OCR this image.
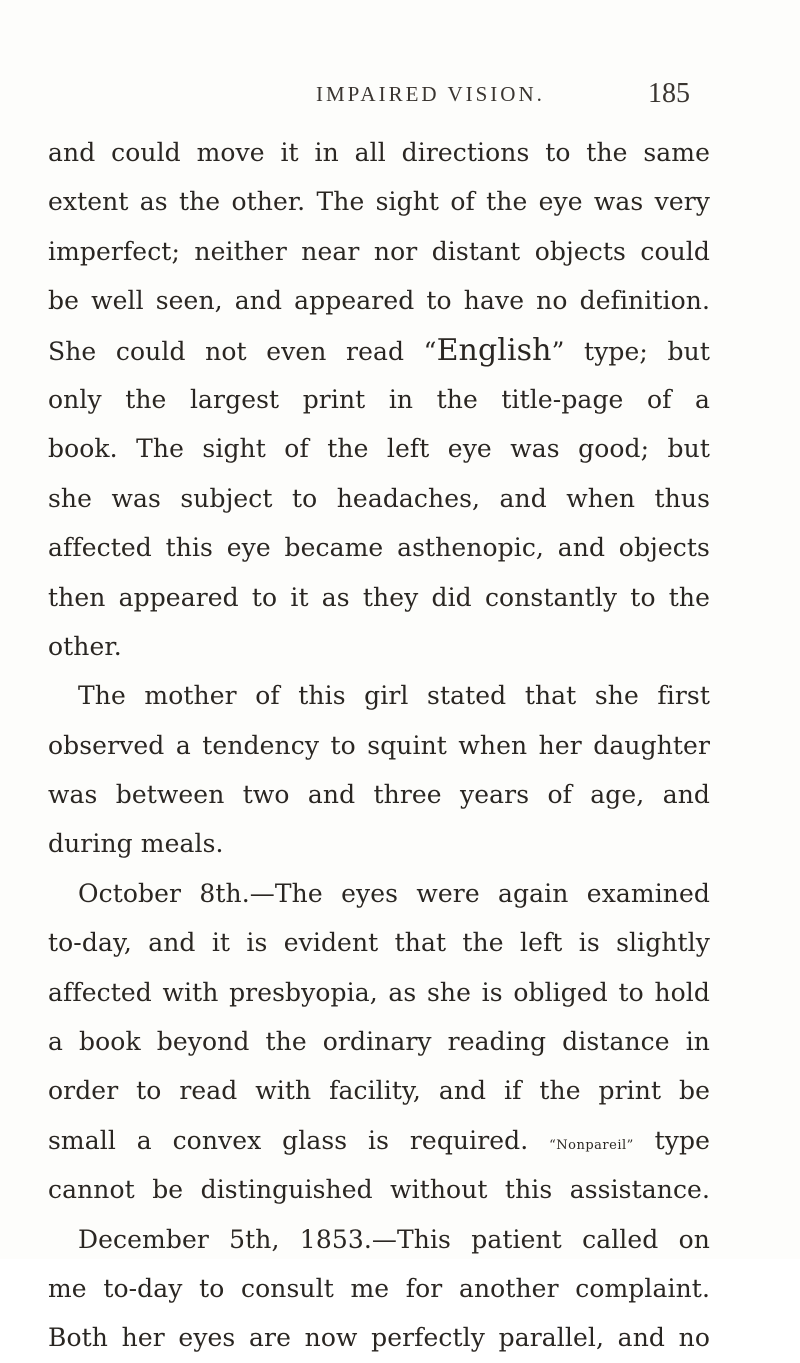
IMPAIRED VISION.	185
and could move it in all directions to the same
extent as the other. The sight of the eye was very
imperfect; neither near nor distant objects could
be well seen, and appeared to have no definition.
She could not even read “English” type; but
only the largest print in the title-page of a
book. The sight of the left eye was good; but
she was subject to headaches, and when thus
affected this eye became asthenopic, and objects
then appeared to it as they did constantly to the
other.
The mother of this girl stated that she first
observed a tendency to squint when her daughter
was between two and three years of age, and
during meals.
October 8th.—The eyes were again examined
to-day, and it is evident that the left is slightly
affected with presbyopia, as she is obliged to hold
a book beyond the ordinary reading distance in
order to read with facility, and if the print be
small a convex glass is required. “Nonpareil” type
cannot be distinguished without this assistance.
December 5th, 1853.—This patient called on
me to-day to consult me for another complaint.
Both her eyes are now perfectly parallel, and no
